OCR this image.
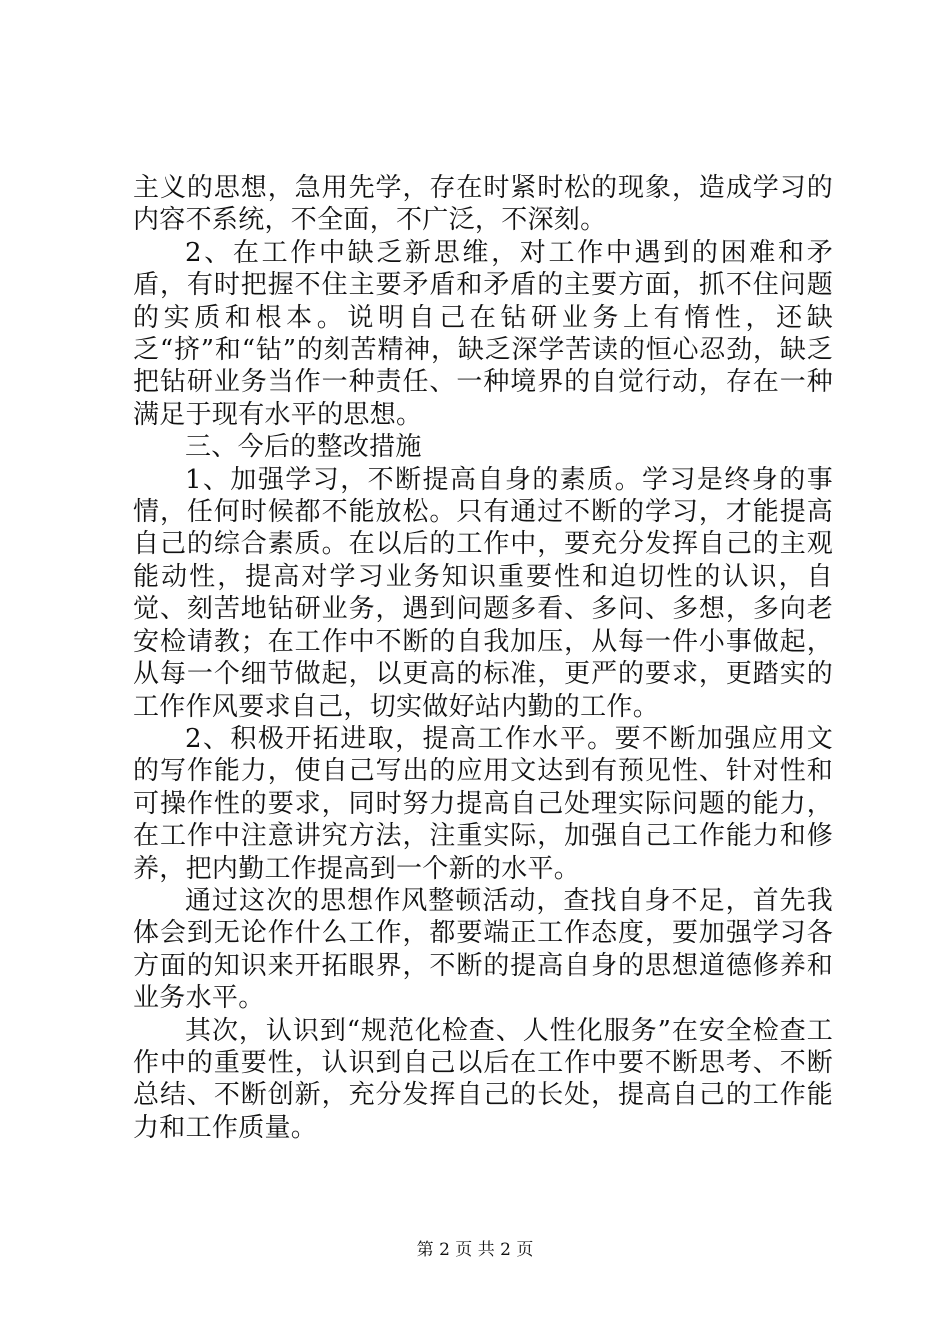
主义的思想，急用先学，存在时紧时松的现象，造成学习的内容不系统，不全面，不广泛，不深刻。

2、在工作中缺乏新思维，对工作中遇到的困难和矛盾，有时把握不住主要矛盾和矛盾的主要方面，抓不住问题的实质和根本。说明自己在钻研业务上有惰性，还缺乏“挤”和“钻”的刻苦精神，缺乏深学苦读的恒心忍劲，缺乏把钻研业务当作一种责任、一种境界的自觉行动，存在一种满足于现有水平的思想。

三、今后的整改措施

1、加强学习，不断提高自身的素质。学习是终身的事情，任何时候都不能放松。只有通过不断的学习，才能提高自己的综合素质。在以后的工作中，要充分发挥自己的主观能动性，提高对学习业务知识重要性和迫切性的认识，自觉、刻苦地钻研业务，遇到问题多看、多问、多想，多向老安检请教；在工作中不断的自我加压，从每一件小事做起，从每一个细节做起，以更高的标准，更严的要求，更踏实的工作作风要求自己，切实做好站内勤的工作。

2、积极开拓进取，提高工作水平。要不断加强应用文的写作能力，使自己写出的应用文达到有预见性、针对性和可操作性的要求，同时努力提高自己处理实际问题的能力，在工作中注意讲究方法，注重实际，加强自己工作能力和修养，把内勤工作提高到一个新的水平。

通过这次的思想作风整顿活动，查找自身不足，首先我体会到无论作什么工作，都要端正工作态度，要加强学习各方面的知识来开拓眼界，不断的提高自身的思想道德修养和业务水平。

其次，认识到“规范化检查、人性化服务”在安全检查工作中的重要性，认识到自己以后在工作中要不断思考、不断总结、不断创新，充分发挥自己的长处，提高自己的工作能力和工作质量。

第 2 页 共 2 页
